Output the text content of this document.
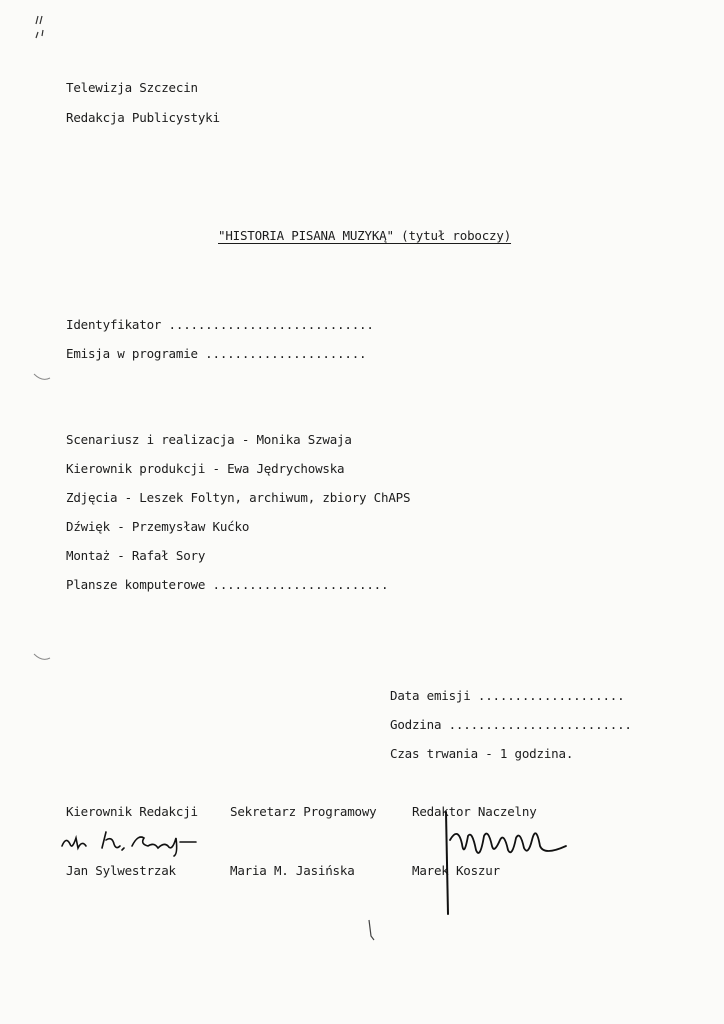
Telewizja Szczecin
Redakcja Publicystyki
"HISTORIA PISANA MUZYKĄ" (tytuł roboczy)
Identyfikator ............................
Emisja w programie ......................
Scenariusz i realizacja - Monika Szwaja
Kierownik produkcji - Ewa Jędrychowska
Zdjęcia - Leszek Foltyn, archiwum, zbiory ChAPS
Dźwięk - Przemysław Kućko
Montaż - Rafał Sory
Plansze komputerowe ........................
Data emisji ....................
Godzina .........................
Czas trwania - 1 godzina.
Kierownik Redakcji	Sekretarz Programowy	Redaktor Naczelny
Jan Sylwestrzak	Maria M. Jasińska	Marek Koszur
